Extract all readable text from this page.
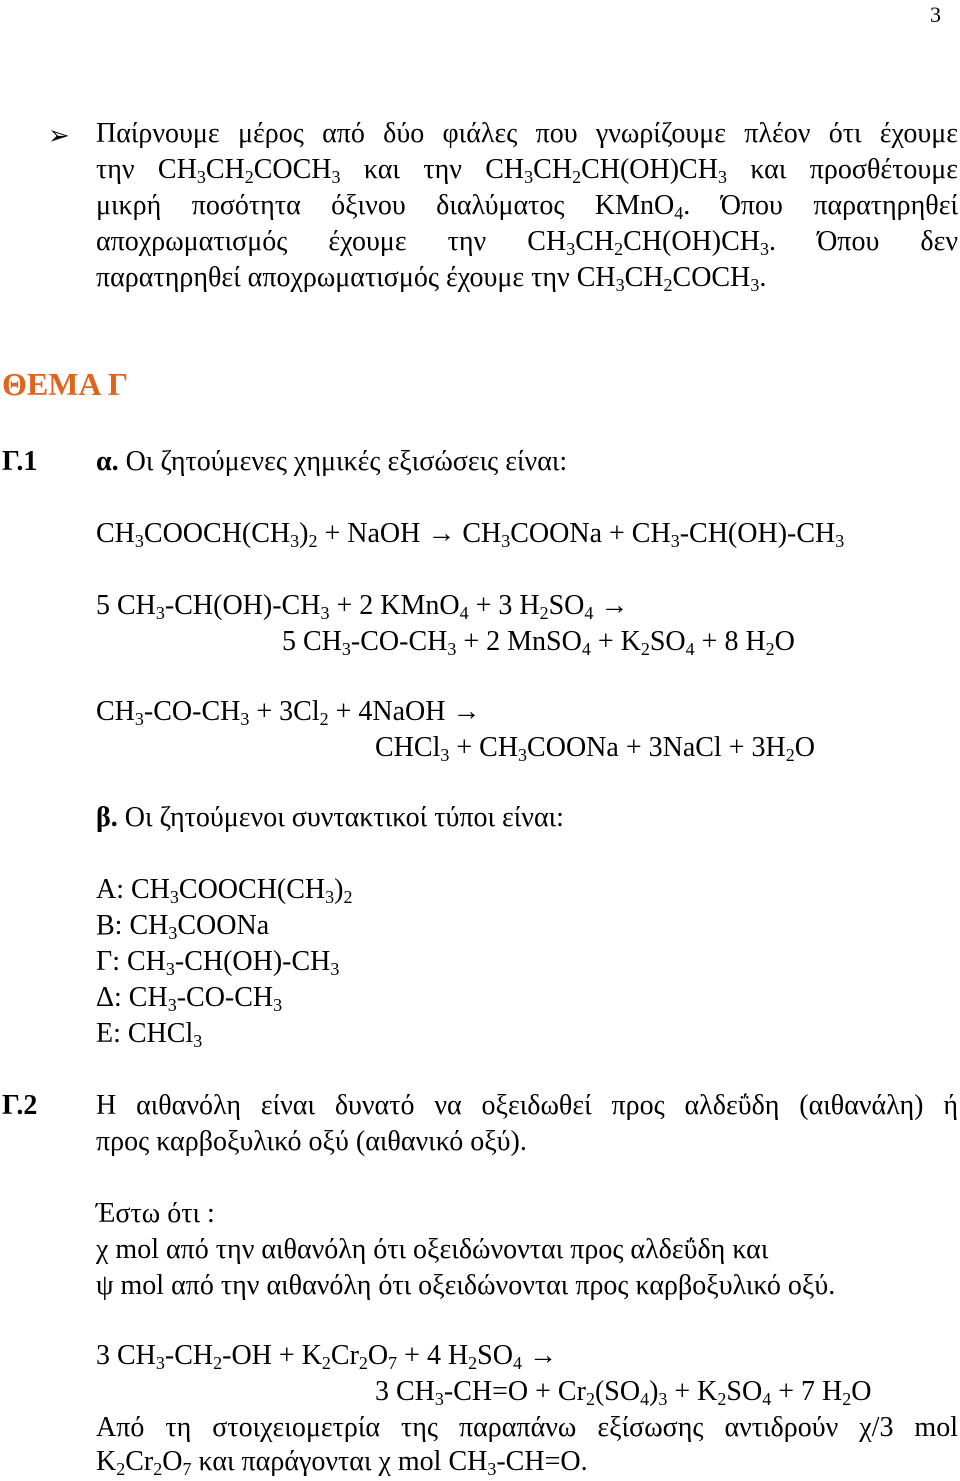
3
➢ Παίρνουμε μέρος από δύο φιάλες που γνωρίζουμε πλέον ότι έχουμε
την $CH_3CH_2COCH_3$ και την $CH_3CH_2CH(OH)CH_3$ και προσθέτουμε
μικρή ποσότητα όξινου διαλύματος KMnO$_4$. Όπου παρατηρηθεί
αποχρωματισμός έχουμε την $CH_3CH_2CH(OH)CH_3$. Όπου δεν
παρατηρηθεί αποχρωματισμός έχουμε την $CH_3CH_2COCH_3$.
ΘΕΜΑ Γ
Γ.1 α. Οι ζητούμενες χημικές εξισώσεις είναι:
$CH_3COOCH(CH_3)_2$ + NaOH → $CH_3COONa + CH_3-CH(OH)-CH_3$
5 $CH_3-CH(OH)-CH_3 + 2$ KMnO$_4$ + 3 $H_2SO_4$ →
5 $CH_3-CO-CH_3 + 2$ MnSO$_4$ + $K_2SO_4 + 8$ $H_2O$
$CH_3-CO-CH_3 + 3Cl_2$ + 4NaOH →
CHCl$_3$ + $CH_3COONa$ + 3NaCl + $3H_2O$
β. Οι ζητούμενοι συντακτικοί τύποι είναι:
Α: $CH_3COOCH(CH_3)_2$
Β: $CH_3COONa$
Γ: $CH_3-CH(OH)-CH_3$
Δ: $CH_3-CO-CH_3$
Ε: CHCl$_3$
Γ.2 Η αιθανόλη είναι δυνατό να οξειδωθεί προς αλδεΰδη (αιθανάλη) ή
προς καρβοξυλικό οξύ (αιθανικό οξύ).
Έστω ότι :
χ mol από την αιθανόλη ότι οξειδώνονται προς αλδεΰδη και
ψ mol από την αιθανόλη ότι οξειδώνονται προς καρβοξυλικό οξύ.
3 $CH_3-CH_2-OH + K_2Cr_2O_7 + 4$ $H_2SO_4$ →
3 $CH_3-CH=O + Cr_2(SO_4)_3 + K_2SO_4 + 7$ $H_2O$
Από τη στοιχειομετρία της παραπάνω εξίσωσης αντιδρούν χ/3 mol
$K_2Cr_2O_7$ και παράγονται χ mol $CH_3-CH=O$.
